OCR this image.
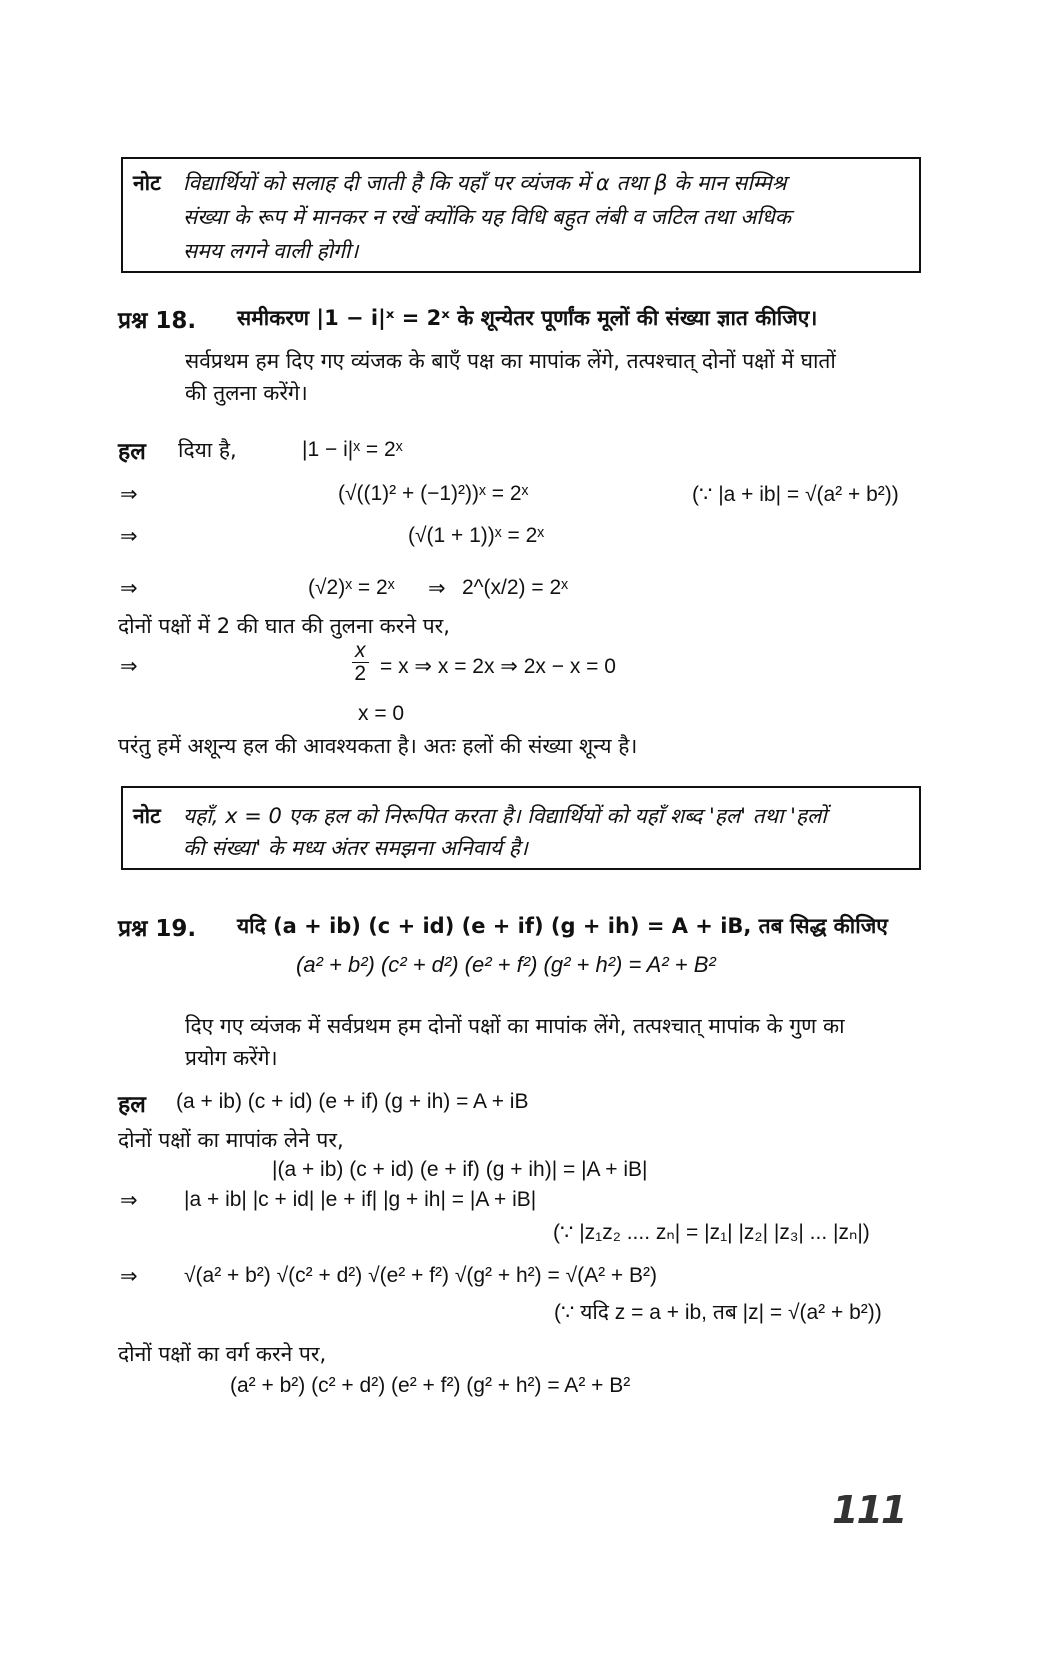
नोट विद्यार्थियों को सलाह दी जाती है कि यहाँ पर व्यंजक में α तथा β के मान सम्मिश्र
संख्या के रूप में मानकर न रखें क्योंकि यह विधि बहुत लंबी व जटिल तथा अधिक
समय लगने वाली होगी।
प्रश्न 18. समीकरण |1 − i|ˣ = 2ˣ के शून्येतर पूर्णांक मूलों की संख्या ज्ञात कीजिए।
सर्वप्रथम हम दिए गए व्यंजक के बाएँ पक्ष का मापांक लेंगे, तत्पश्चात् दोनों पक्षों में घातों
की तुलना करेंगे।
हल दिया है,	|1 − i|ˣ = 2ˣ
⇒	(√((1)² + (−1)²))ˣ = 2ˣ	(∵ |a + ib| = √(a² + b²))
⇒	(√(1 + 1))ˣ = 2ˣ
⇒	(√2)ˣ = 2ˣ ⇒ 2^(x/2) = 2ˣ
दोनों पक्षों में 2 की घात की तुलना करने पर,
⇒	$\frac{x}{2} = x$ ⇒ x = 2x ⇒ 2x − x = 0
x = 0
परंतु हमें अशून्य हल की आवश्यकता है। अतः हलों की संख्या शून्य है।
नोट यहाँ, x = 0 एक हल को निरूपित करता है। विद्यार्थियों को यहाँ शब्द 'हल' तथा 'हलों
की संख्या' के मध्य अंतर समझना अनिवार्य है।
प्रश्न 19. यदि (a + ib) (c + id) (e + if) (g + ih) = A + iB, तब सिद्ध कीजिए
(a² + b²) (c² + d²) (e² + f²) (g² + h²) = A² + B²
दिए गए व्यंजक में सर्वप्रथम हम दोनों पक्षों का मापांक लेंगे, तत्पश्चात् मापांक के गुण का
प्रयोग करेंगे।
हल (a + ib) (c + id) (e + if) (g + ih) = A + iB
दोनों पक्षों का मापांक लेने पर,
|(a + ib) (c + id) (e + if) (g + ih)| = |A + iB|
⇒ |a + ib| |c + id| |e + if| |g + ih| = |A + iB|
(∵ |z₁z₂ .... zₙ| = |z₁| |z₂| |z₃| ... |zₙ|)
⇒ √(a² + b²) √(c² + d²) √(e² + f²) √(g² + h²) = √(A² + B²)
(∵ यदि z = a + ib, तब |z| = √(a² + b²))
दोनों पक्षों का वर्ग करने पर,
(a² + b²) (c² + d²) (e² + f²) (g² + h²) = A² + B²
111
